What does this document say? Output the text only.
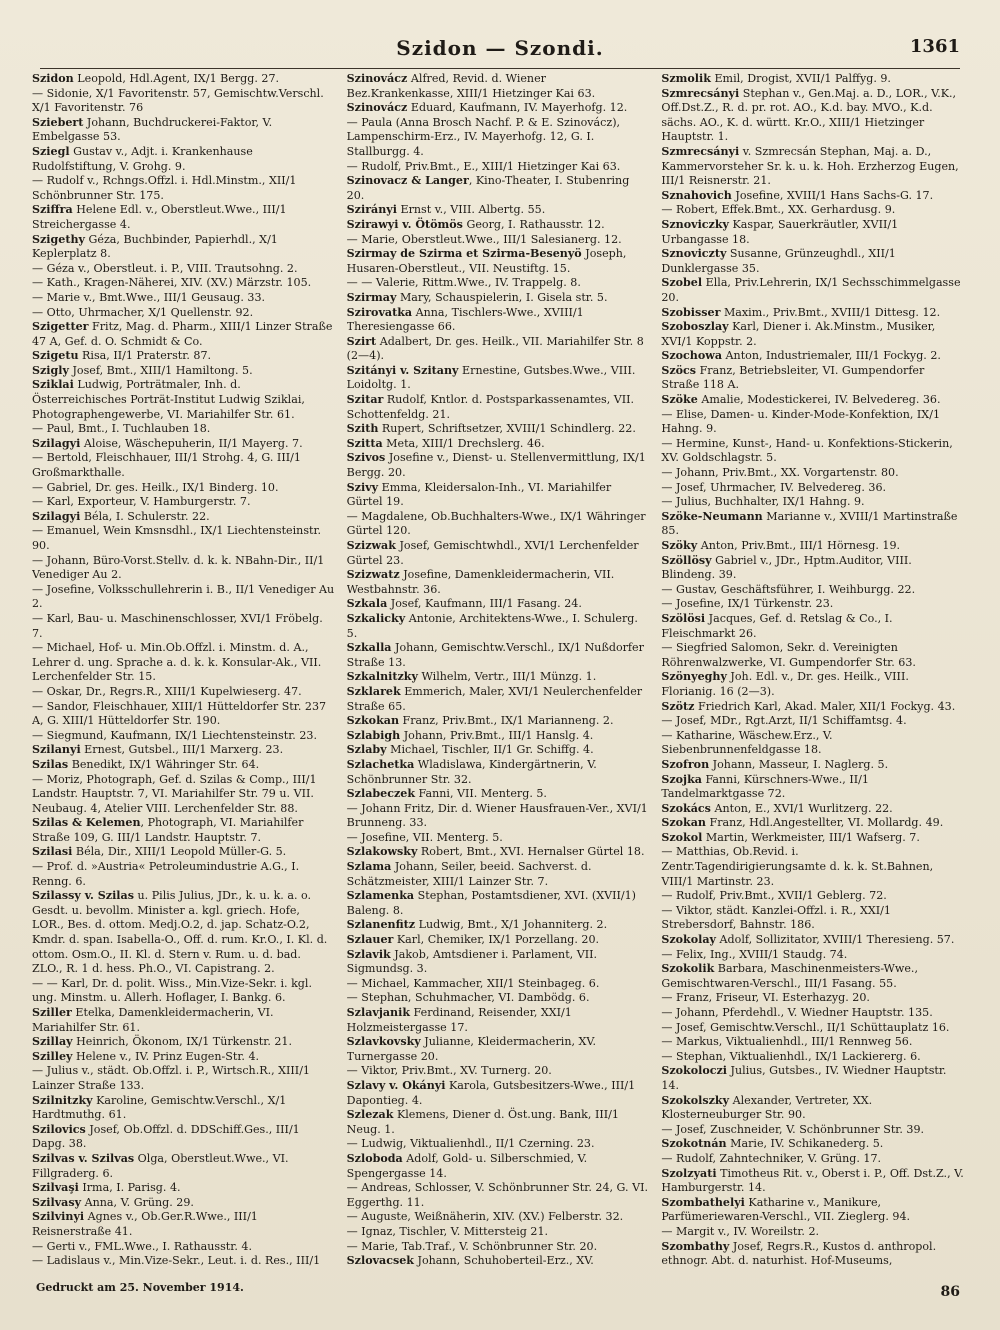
Szidon — Szondi.	1361

Szidon Leopold, Hdl.Agent, IX/1 Bergg. 27.

— Sidonie, X/1 Favoritenstr. 57, Gemischtw.Verschl.

X/1 Favoritenstr. 76

Sziebert Johann, Buchdruckerei-Faktor, V. Embelgasse 53.

Sziegl Gustav v., Adjt. i. Krankenhause Rudolfstiftung, V. Grohg. 9.

— Rudolf v., Rchngs.Offzl. i. Hdl.Minstm., XII/1 Schönbrunner Str. 175.

Sziffra Helene Edl. v., Oberstleut.Wwe., III/1 Streichergasse 4.

Szigethy Géza, Buchbinder, Papierhdl., X/1 Keplerplatz 8.

— Géza v., Oberstleut. i. P., VIII. Trautsohng. 2.

— Kath., Kragen-Näherei, XIV. (XV.) Märzstr. 105.

— Marie v., Bmt.Wwe., III/1 Geusaug. 33.

— Otto, Uhrmacher, X/1 Quellenstr. 92.

Szigetter Fritz, Mag. d. Pharm., XIII/1 Linzer Straße 47 A, Gef. d. O. Schmidt & Co.

Szigetu Risa, II/1 Praterstr. 87.

Szigly Josef, Bmt., XIII/1 Hamiltong. 5.

Sziklai Ludwig, Porträtmaler, Inh. d. Österreichisches Porträt-Institut Ludwig Sziklai, Photographengewerbe, VI. Mariahilfer Str. 61.

— Paul, Bmt., I. Tuchlauben 18.

Szilagyi Aloise, Wäschepuherin, II/1 Mayerg. 7.

— Bertold, Fleischhauer, III/1 Strohg. 4, G. III/1 Großmarkthalle.

— Gabriel, Dr. ges. Heilk., IX/1 Binderg. 10.

— Karl, Exporteur, V. Hamburgerstr. 7.

Szilagyi Béla, I. Schulerstr. 22.

— Emanuel, Wein Kmsnsdhl., IX/1 Liechtensteinstr. 90.

— Johann, Büro-Vorst.Stellv. d. k. k. NBahn-Dir., II/1 Venediger Au 2.

— Josefine, Volksschullehrerin i. B., II/1 Venediger Au 2.

— Karl, Bau- u. Maschinenschlosser, XVI/1 Fröbelg. 7.

— Michael, Hof- u. Min.Ob.Offzl. i. Minstm. d. A., Lehrer d. ung. Sprache a. d. k. k. Konsular-Ak., VII. Lerchenfelder Str. 15.

— Oskar, Dr., Regrs.R., XIII/1 Kupelwieserg. 47.

— Sandor, Fleischhauer, XIII/1 Hütteldorfer Str. 237 A, G. XIII/1 Hütteldorfer Str. 190.

— Siegmund, Kaufmann, IX/1 Liechtensteinstr. 23.

Szilanyi Ernest, Gutsbel., III/1 Marxerg. 23.

Szilas Benedikt, IX/1 Währinger Str. 64.

— Moriz, Photograph, Gef. d. Szilas & Comp., III/1 Landstr. Hauptstr. 7, VI. Mariahilfer Str. 79 u. VII. Neubaug. 4, Atelier VIII. Lerchenfelder Str. 88.

Szilas & Kelemen, Photograph, VI. Mariahilfer Straße 109, G. III/1 Landstr. Hauptstr. 7.

Szilasi Béla, Dir., XIII/1 Leopold Müller-G. 5.

— Prof. d. »Austria« Petroleumindustrie A.G., I. Renng. 6.

Szilassy v. Szilas u. Pilis Julius, JDr., k. u. k. a. o. Gesdt. u. bevollm. Minister a. kgl. griech. Hofe, LOR., Bes. d. ottom. Medj.O.2, d. jap. Schatz-O.2, Kmdr. d. span. Isabella-O., Off. d. rum. Kr.O., I. Kl. d. ottom. Osm.O., II. Kl. d. Stern v. Rum. u. d. bad. ZLO., R. 1 d. hess. Ph.O., VI. Capistrang. 2.

— — Karl, Dr. d. polit. Wiss., Min.Vize-Sekr. i. kgl. ung. Minstm. u. Allerh. Hoflager, I. Bankg. 6.

Sziller Etelka, Damenkleidermacherin, VI. Mariahilfer Str. 61.

Szillay Heinrich, Ökonom, IX/1 Türkenstr. 21.

Szilley Helene v., IV. Prinz Eugen-Str. 4.

— Julius v., städt. Ob.Offzl. i. P., Wirtsch.R., XIII/1 Lainzer Straße 133.

Szilnitzky Karoline, Gemischtw.Verschl., X/1 Hardtmuthg. 61.

Szilovics Josef, Ob.Offzl. d. DDSchiff.Ges., III/1 Dapg. 38.

Szilvas v. Szilvas Olga, Oberstleut.Wwe., VI. Fillgraderg. 6.

Szilvaşi Irma, I. Parisg. 4.

Szilvasy Anna, V. Grüng. 29.

Szilvinyi Agnes v., Ob.Ger.R.Wwe., III/1 Reisnerstraße 41.

— Gerti v., FML.Wwe., I. Rathausstr. 4.

— Ladislaus v., Min.Vize-Sekr., Leut. i. d. Res., III/1

Szinovácz Alfred, Revid. d. Wiener Bez.Krankenkasse, XIII/1 Hietzinger Kai 63.

Szinovácz Eduard, Kaufmann, IV. Mayerhofg. 12.

— Paula (Anna Brosch Nachf. P. & E. Szinovácz), Lampenschirm-Erz., IV. Mayerhofg. 12, G. I. Stallburgg. 4.

— Rudolf, Priv.Bmt., E., XIII/1 Hietzinger Kai 63.

Szinovacz & Langer, Kino-Theater, I. Stubenring 20.

Szirányi Ernst v., VIII. Albertg. 55.

Szirawyi v. Ötömös Georg, I. Rathausstr. 12.

— Marie, Oberstleut.Wwe., III/1 Salesianerg. 12.

Szirmay de Szirma et Szirma-Besenyö Joseph, Husaren-Oberstleut., VII. Neustiftg. 15.

— — Valerie, Rittm.Wwe., IV. Trappelg. 8.

Szirmay Mary, Schauspielerin, I. Gisela str. 5.

Szirovatka Anna, Tischlers-Wwe., XVIII/1 Theresiengasse 66.

Szirt Adalbert, Dr. ges. Heilk., VII. Mariahilfer Str. 8 (2—4).

Szitányi v. Szitany Ernestine, Gutsbes.Wwe., VIII. Loidoltg. 1.

Szitar Rudolf, Kntlor. d. Postsparkassenamtes, VII. Schottenfeldg. 21.

Szith Rupert, Schriftsetzer, XVIII/1 Schindlerg. 22.

Szitta Meta, XIII/1 Drechslerg. 46.

Szivos Josefine v., Dienst- u. Stellenvermittlung, IX/1 Bergg. 20.

Szivy Emma, Kleidersalon-Inh., VI. Mariahilfer Gürtel 19.

— Magdalene, Ob.Buchhalters-Wwe., IX/1 Währinger Gürtel 120.

Szizwak Josef, Gemischtwhdl., XVI/1 Lerchenfelder Gürtel 23.

Szizwatz Josefine, Damenkleidermacherin, VII. Westbahnstr. 36.

Szkala Josef, Kaufmann, III/1 Fasang. 24.

Szkalicky Antonie, Architektens-Wwe., I. Schulerg. 5.

Szkalla Johann, Gemischtw.Verschl., IX/1 Nußdorfer Straße 13.

Szkalnitzky Wilhelm, Vertr., III/1 Münzg. 1.

Szklarek Emmerich, Maler, XVI/1 Neulerchenfelder Straße 65.

Szkokan Franz, Priv.Bmt., IX/1 Marianneng. 2.

Szlabigh Johann, Priv.Bmt., III/1 Hanslg. 4.

Szlaby Michael, Tischler, II/1 Gr. Schiffg. 4.

Szlachetka Wladislawa, Kindergärtnerin, V. Schönbrunner Str. 32.

Szlabeczek Fanni, VII. Menterg. 5.

— Johann Fritz, Dir. d. Wiener Hausfrauen-Ver., XVI/1 Brunneng. 33.

— Josefine, VII. Menterg. 5.

Szlakowsky Robert, Bmt., XVI. Hernalser Gürtel 18.

Szlama Johann, Seiler, beeid. Sachverst. d. Schätzmeister, XIII/1 Lainzer Str. 7.

Szlamenka Stephan, Postamtsdiener, XVI. (XVII/1) Baleng. 8.

Szlanenfitz Ludwig, Bmt., X/1 Johanniterg. 2.

Szlauer Karl, Chemiker, IX/1 Porzellang. 20.

Szlavik Jakob, Amtsdiener i. Parlament, VII. Sigmundsg. 3.

— Michael, Kammacher, XII/1 Steinbageg. 6.

— Stephan, Schuhmacher, VI. Dambödg. 6.

Szlavjanik Ferdinand, Reisender, XXI/1 Holzmeistergasse 17.

Szlavkovsky Julianne, Kleidermacherin, XV. Turnergasse 20.

— Viktor, Priv.Bmt., XV. Turnerg. 20.

Szlavy v. Okányi Karola, Gutsbesitzers-Wwe., III/1 Dapontieg. 4.

Szlezak Klemens, Diener d. Öst.ung. Bank, III/1 Neug. 1.

— Ludwig, Viktualienhdl., II/1 Czerning. 23.

Szloboda Adolf, Gold- u. Silberschmied, V. Spengergasse 14.

— Andreas, Schlosser, V. Schönbrunner Str. 24, G. VI. Eggerthg. 11.

— Auguste, Weißnäherin, XIV. (XV.) Felberstr. 32.

— Ignaz, Tischler, V. Mittersteig 21.

— Marie, Tab.Traf., V. Schönbrunner Str. 20.

Szlovacsek Johann, Schuhoberteil-Erz., XV.

Szmolik Emil, Drogist, XVII/1 Palffyg. 9.

Szmrecsányi Stephan v., Gen.Maj. a. D., LOR., V.K., Off.Dst.Z., R. d. pr. rot. AO., K.d. bay. MVO., K.d. sächs. AO., K. d. württ. Kr.O., XIII/1 Hietzinger Hauptstr. 1.

Szmrecsányi v. Szmrecsán Stephan, Maj. a. D., Kammervorsteher Sr. k. u. k. Hoh. Erzherzog Eugen, III/1 Reisnerstr. 21.

Sznahovich Josefine, XVIII/1 Hans Sachs-G. 17.

— Robert, Effek.Bmt., XX. Gerhardusg. 9.

Sznoviczky Kaspar, Sauerkräutler, XVII/1 Urbangasse 18.

Sznoviczty Susanne, Grünzeughdl., XII/1 Dunklergasse 35.

Szobel Ella, Priv.Lehrerin, IX/1 Sechsschimmelgasse 20.

Szobisser Maxim., Priv.Bmt., XVIII/1 Dittesg. 12.

Szoboszlay Karl, Diener i. Ak.Minstm., Musiker, XVI/1 Koppstr. 2.

Szochowa Anton, Industriemaler, III/1 Fockyg. 2.

Szöcs Franz, Betriebsleiter, VI. Gumpendorfer Straße 118 A.

Szöke Amalie, Modestickerei, IV. Belvedereg. 36.

— Elise, Damen- u. Kinder-Mode-Konfektion, IX/1 Hahng. 9.

— Hermine, Kunst-, Hand- u. Konfektions-Stickerin, XV. Goldschlagstr. 5.

— Johann, Priv.Bmt., XX. Vorgartenstr. 80.

— Josef, Uhrmacher, IV. Belvedereg. 36.

— Julius, Buchhalter, IX/1 Hahng. 9.

Szöke-Neumann Marianne v., XVIII/1 Martinstraße 85.

Szöky Anton, Priv.Bmt., III/1 Hörnesg. 19.

Szöllösy Gabriel v., JDr., Hptm.Auditor, VIII. Blindeng. 39.

— Gustav, Geschäftsführer, I. Weihburgg. 22.

— Josefine, IX/1 Türkenstr. 23.

Szölösi Jacques, Gef. d. Retslag & Co., I. Fleischmarkt 26.

— Siegfried Salomon, Sekr. d. Vereinigten Röhrenwalzwerke, VI. Gumpendorfer Str. 63.

Szönyeghy Joh. Edl. v., Dr. ges. Heilk., VIII. Florianig. 16 (2—3).

Szötz Friedrich Karl, Akad. Maler, XII/1 Fockyg. 43.

— Josef, MDr., Rgt.Arzt, II/1 Schiffamtsg. 4.

— Katharine, Wäschew.Erz., V. Siebenbrunnenfeldgasse 18.

Szofron Johann, Masseur, I. Naglerg. 5.

Szojka Fanni, Kürschners-Wwe., II/1 Tandelmarktgasse 72.

Szokács Anton, E., XVI/1 Wurlitzerg. 22.

Szokan Franz, Hdl.Angestellter, VI. Mollardg. 49.

Szokol Martin, Werkmeister, III/1 Wafserg. 7.

— Matthias, Ob.Revid. i. Zentr.Tagendirigierungsamte d. k. k. St.Bahnen, VIII/1 Martinstr. 23.

— Rudolf, Priv.Bmt., XVII/1 Geblerg. 72.

— Viktor, städt. Kanzlei-Offzl. i. R., XXI/1 Strebersdorf, Bahnstr. 186.

Szokolay Adolf, Sollizitator, XVIII/1 Theresieng. 57.

— Felix, Ing., XVIII/1 Staudg. 74.

Szokolik Barbara, Maschinenmeisters-Wwe., Gemischtwaren-Verschl., III/1 Fasang. 55.

— Franz, Friseur, VI. Esterhazyg. 20.

— Johann, Pferdehdl., V. Wiedner Hauptstr. 135.

— Josef, Gemischtw.Verschl., II/1 Schüttauplatz 16.

— Markus, Viktualienhdl., III/1 Rennweg 56.

— Stephan, Viktualienhdl., IX/1 Lackiererg. 6.

Szokoloczi Julius, Gutsbes., IV. Wiedner Hauptstr. 14.

Szokolszky Alexander, Vertreter, XX. Klosterneuburger Str. 90.

— Josef, Zuschneider, V. Schönbrunner Str. 39.

Szokotnán Marie, IV. Schikanederg. 5.

— Rudolf, Zahntechniker, V. Grüng. 17.

Szolzyati Timotheus Rit. v., Oberst i. P., Off. Dst.Z., V. Hamburgerstr. 14.

Szombathelyi Katharine v., Manikure, Parfümeriewaren-Verschl., VII. Zieglerg. 94.

— Margit v., IV. Woreilstr. 2.

Szombathy Josef, Regrs.R., Kustos d. anthropol. ethnogr. Abt. d. naturhist. Hof-Museums,

Gedruckt am 25. November 1914.	86
